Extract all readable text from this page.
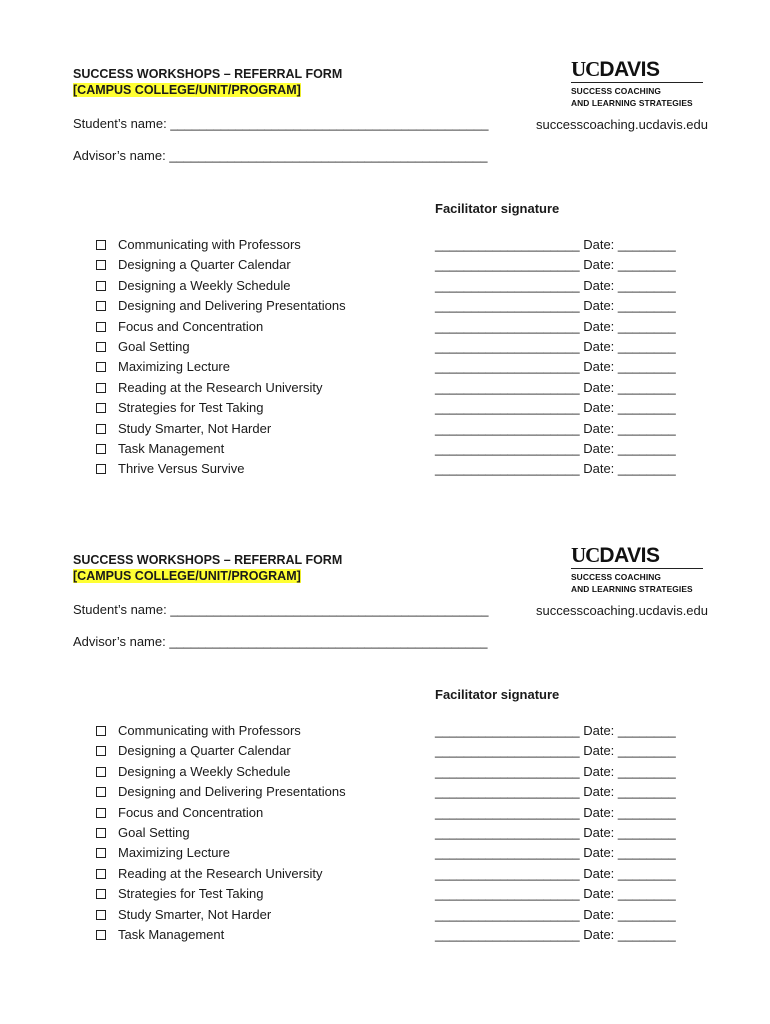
SUCCESS WORKSHOPS – REFERRAL FORM
[CAMPUS COLLEGE/UNIT/PROGRAM]
UCDAVIS
SUCCESS COACHING
AND LEARNING STRATEGIES
Student’s name: ____________________________________________	successcoaching.ucdavis.edu
Advisor’s name: ____________________________________________
Facilitator signature
Communicating with Professors
Designing a Quarter Calendar
Designing a Weekly Schedule
Designing and Delivering Presentations
Focus and Concentration
Goal Setting
Maximizing Lecture
Reading at the Research University
Strategies for Test Taking
Study Smarter, Not Harder
Task Management
Thrive Versus Survive
____________________ Date: ________
____________________ Date: ________
____________________ Date: ________
____________________ Date: ________
____________________ Date: ________
____________________ Date: ________
____________________ Date: ________
____________________ Date: ________
____________________ Date: ________
____________________ Date: ________
____________________ Date: ________
____________________ Date: ________
SUCCESS WORKSHOPS – REFERRAL FORM
[CAMPUS COLLEGE/UNIT/PROGRAM]
UCDAVIS
SUCCESS COACHING
AND LEARNING STRATEGIES
Student’s name: ____________________________________________	successcoaching.ucdavis.edu
Advisor’s name: ____________________________________________
Facilitator signature
Communicating with Professors
Designing a Quarter Calendar
Designing a Weekly Schedule
Designing and Delivering Presentations
Focus and Concentration
Goal Setting
Maximizing Lecture
Reading at the Research University
Strategies for Test Taking
Study Smarter, Not Harder
Task Management
____________________ Date: ________
____________________ Date: ________
____________________ Date: ________
____________________ Date: ________
____________________ Date: ________
____________________ Date: ________
____________________ Date: ________
____________________ Date: ________
____________________ Date: ________
____________________ Date: ________
____________________ Date: ________
